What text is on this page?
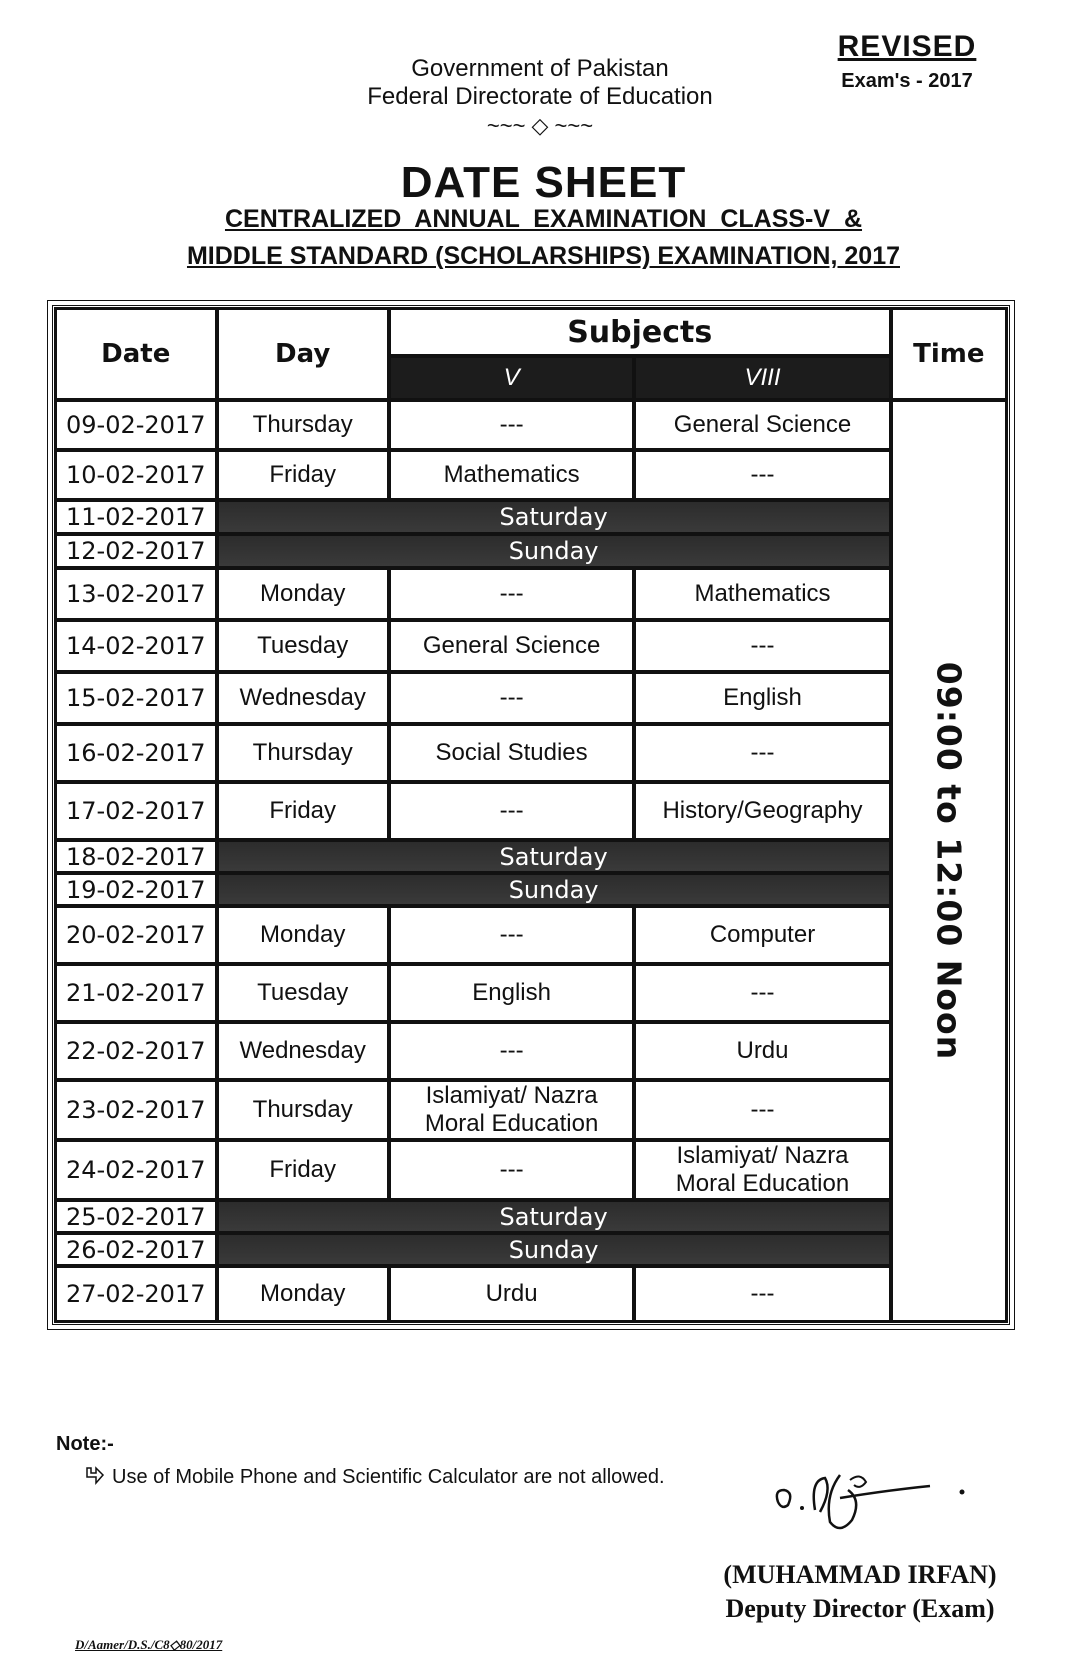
REVISED
Exam's - 2017
Government of Pakistan
Federal Directorate of Education
~~~ ◇ ~~~
DATE SHEET
CENTRALIZED  ANNUAL  EXAMINATION  CLASS-V  &
MIDDLE STANDARD (SCHOLARSHIPS) EXAMINATION, 2017
Date	Day	Subjects		Time
		V	VIII	
09-02-2017	Thursday	---	General Science	09:00 to 12:00 Noon

10-02-2017	Friday	Mathematics	---	
11-02-2017	Saturday			
12-02-2017	Sunday			
13-02-2017	Monday	---	Mathematics	
14-02-2017	Tuesday	General Science	---	
15-02-2017	Wednesday	---	English	
16-02-2017	Thursday	Social Studies	---	
17-02-2017	Friday	---	History/Geography	
18-02-2017	Saturday			
19-02-2017	Sunday			
20-02-2017	Monday	---	Computer	
21-02-2017	Tuesday	English	---	
22-02-2017	Wednesday	---	Urdu	
23-02-2017	Thursday	Islamiyat/ Nazra Moral Education	---	
24-02-2017	Friday	---	Islamiyat/ Nazra Moral Education	
25-02-2017	Saturday			
26-02-2017	Sunday			
27-02-2017	Monday	Urdu	---	
Note:-
Use of Mobile Phone and Scientific Calculator are not allowed.
(MUHAMMAD IRFAN)
Deputy Director (Exam)
D/Aamer/D.S./C8◇80/2017
